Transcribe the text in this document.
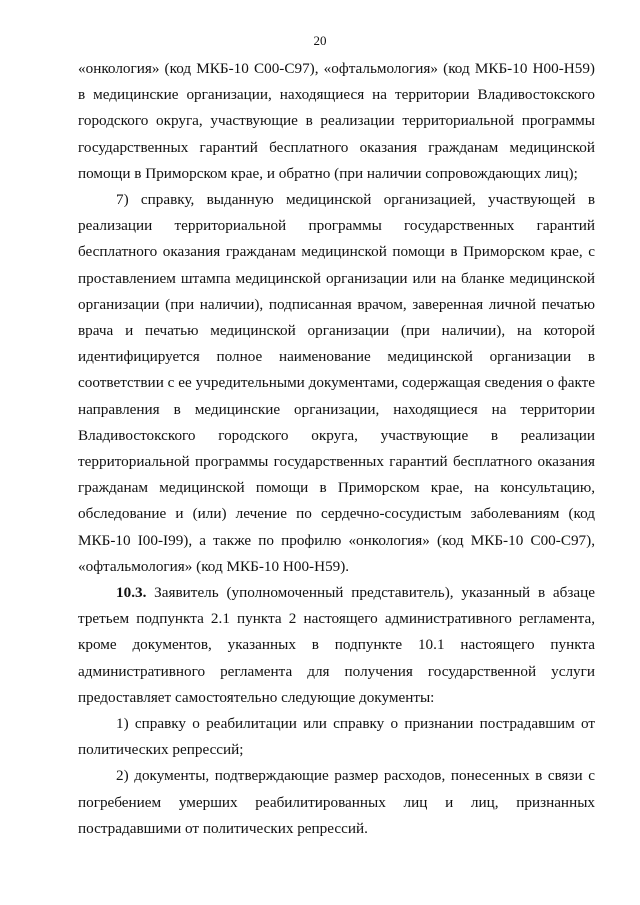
20

«онкология» (код МКБ-10 С00-С97), «офтальмология» (код МКБ-10 Н00-Н59) в медицинские организации, находящиеся на территории Владивостокского городского округа, участвующие в реализации территориальной программы государственных гарантий бесплатного оказания гражданам медицинской помощи в Приморском крае, и обратно (при наличии сопровождающих лиц);

7) справку, выданную медицинской организацией, участвующей в реализации территориальной программы государственных гарантий бесплатного оказания гражданам медицинской помощи в Приморском крае, с проставлением штампа медицинской организации или на бланке медицинской организации (при наличии), подписанная врачом, заверенная личной печатью врача и печатью медицинской организации (при наличии), на которой идентифицируется полное наименование медицинской организации в соответствии с ее учредительными документами, содержащая сведения о факте направления в медицинские организации, находящиеся на территории Владивостокского городского округа, участвующие в реализации территориальной программы государственных гарантий бесплатного оказания гражданам медицинской помощи в Приморском крае, на консультацию, обследование и (или) лечение по сердечно-сосудистым заболеваниям (код МКБ-10 I00-I99), а также по профилю «онкология» (код МКБ-10 С00-С97), «офтальмология» (код МКБ-10 Н00-Н59).

10.3. Заявитель (уполномоченный представитель), указанный в абзаце третьем подпункта 2.1 пункта 2 настоящего административного регламента, кроме документов, указанных в подпункте 10.1 настоящего пункта административного регламента для получения государственной услуги предоставляет самостоятельно следующие документы:

1) справку о реабилитации или справку о признании пострадавшим от политических репрессий;

2) документы, подтверждающие размер расходов, понесенных в связи с погребением умерших реабилитированных лиц и лиц, признанных пострадавшими от политических репрессий.
